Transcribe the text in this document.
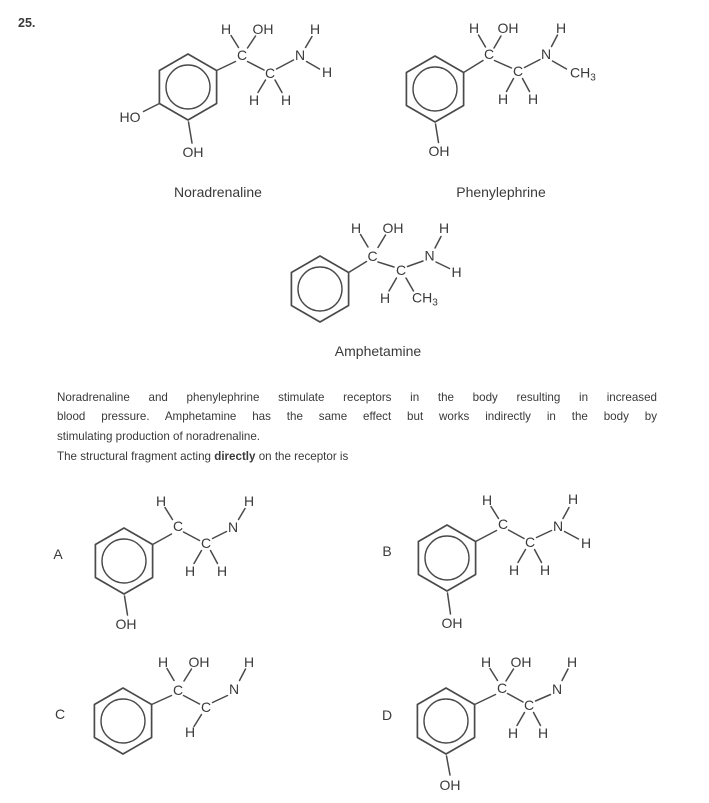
25.	H OH	H
C
C
N
H
H H
HO
OH
Noradrenaline
H OH	H
C
C
N
$CH_3$
H H
OH
Phenylephrine
H OH	H
C
C
N
H
H $CH_3$
Amphetamine
H
C
C
N
H
H H
OH
A
H
C
C
N
H
H
H H
OH
B
H OH
C
C
N
H
H
C
H OH
C
C
N
H
H H
OH
D
Noradrenaline and phenylephrine stimulate receptors in the body resulting in increased
blood pressure. Amphetamine has the same effect but works indirectly in the body by
stimulating production of noradrenaline.
The structural fragment acting directly on the receptor is
